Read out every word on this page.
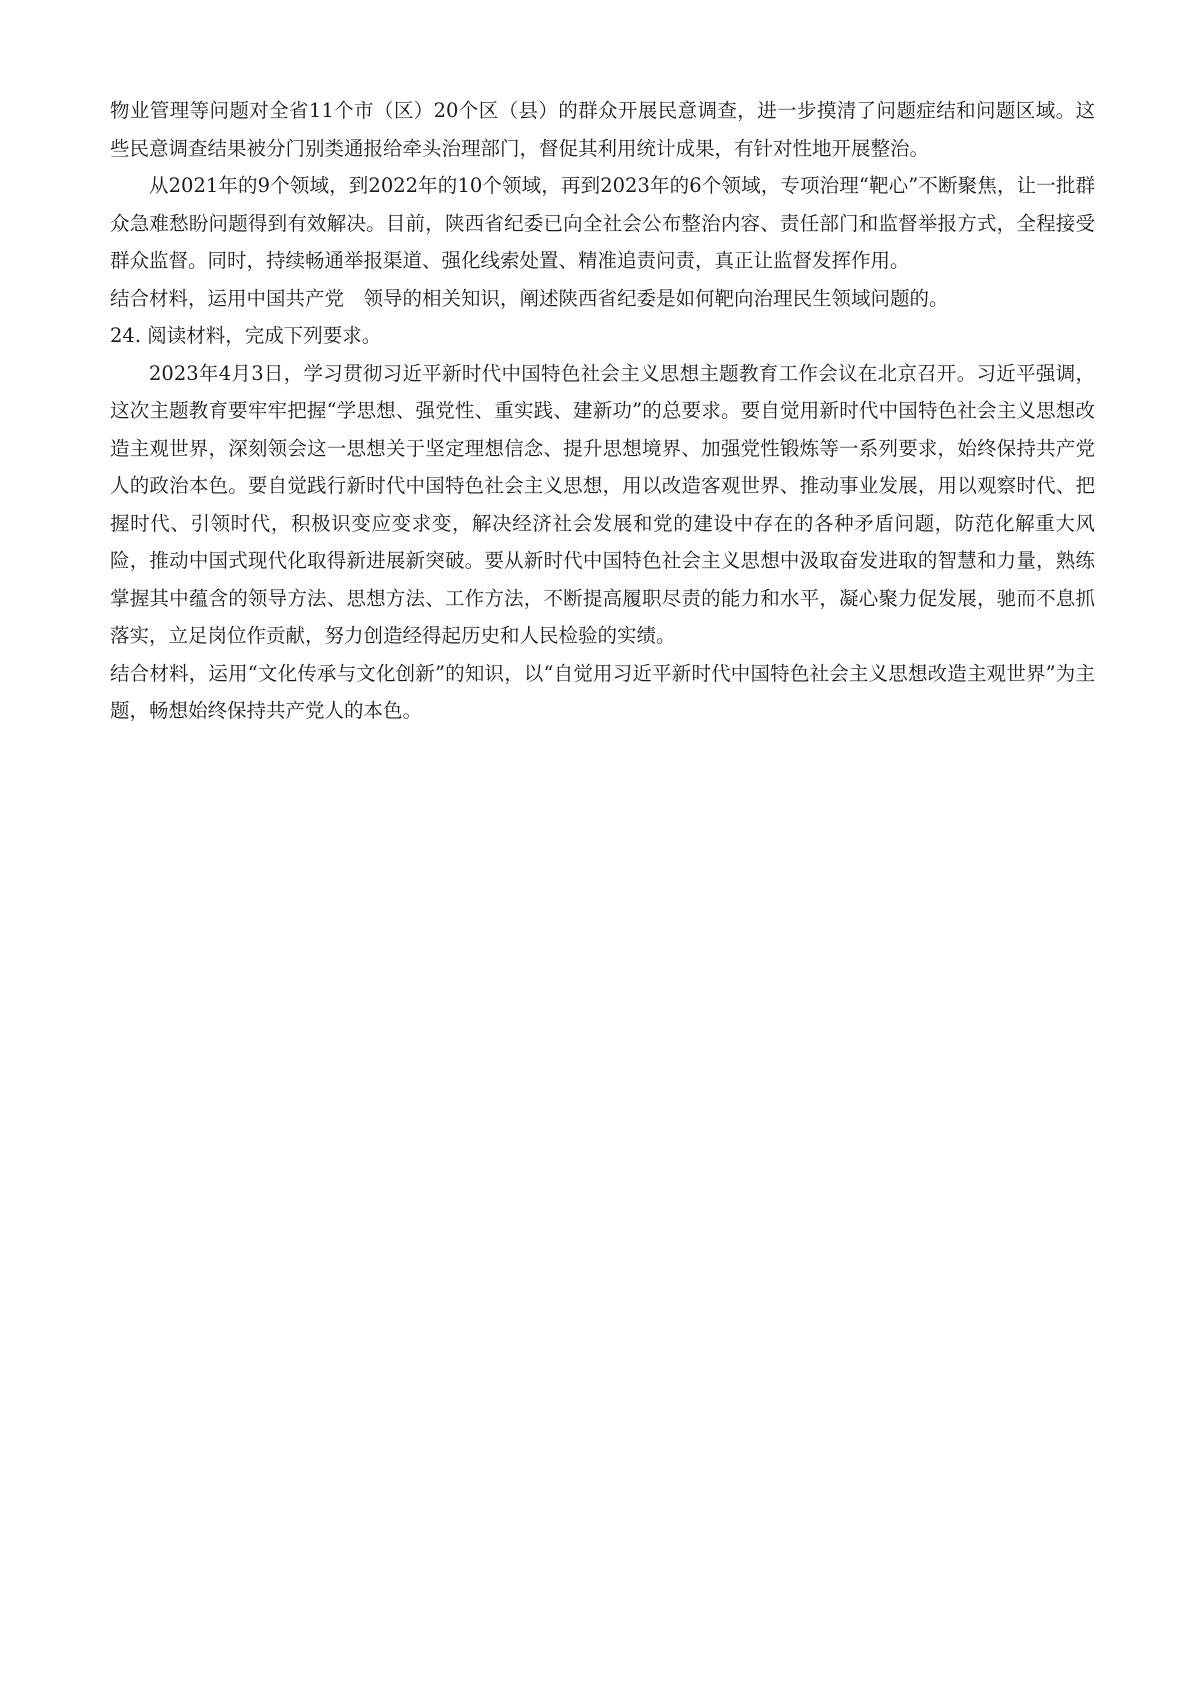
物业管理等问题对全省11个市（区）20个区（县）的群众开展民意调查，进一步摸清了问题症结和问题区域。这些民意调查结果被分门别类通报给牵头治理部门，督促其利用统计成果，有针对性地开展整治。

从2021年的9个领域，到2022年的10个领域，再到2023年的6个领域，专项治理“靶心”不断聚焦，让一批群众急难愁盼问题得到有效解决。目前，陕西省纪委已向全社会公布整治内容、责任部门和监督举报方式，全程接受群众监督。同时，持续畅通举报渠道、强化线索处置、精准追责问责，真正让监督发挥作用。

结合材料，运用中国共产党　领导的相关知识，阐述陕西省纪委是如何靶向治理民生领域问题的。

24. 阅读材料，完成下列要求。

2023年4月3日，学习贯彻习近平新时代中国特色社会主义思想主题教育工作会议在北京召开。习近平强调，这次主题教育要牢牢把握“学思想、强党性、重实践、建新功”的总要求。要自觉用新时代中国特色社会主义思想改造主观世界，深刻领会这一思想关于坚定理想信念、提升思想境界、加强党性锻炼等一系列要求，始终保持共产党人的政治本色。要自觉践行新时代中国特色社会主义思想，用以改造客观世界、推动事业发展，用以观察时代、把握时代、引领时代，积极识变应变求变，解决经济社会发展和党的建设中存在的各种矛盾问题，防范化解重大风险，推动中国式现代化取得新进展新突破。要从新时代中国特色社会主义思想中汲取奋发进取的智慧和力量，熟练掌握其中蕴含的领导方法、思想方法、工作方法，不断提高履职尽责的能力和水平，凝心聚力促发展，驰而不息抓落实，立足岗位作贡献，努力创造经得起历史和人民检验的实绩。

结合材料，运用“文化传承与文化创新”的知识，以“自觉用习近平新时代中国特色社会主义思想改造主观世界”为主题，畅想始终保持共产党人的本色。
